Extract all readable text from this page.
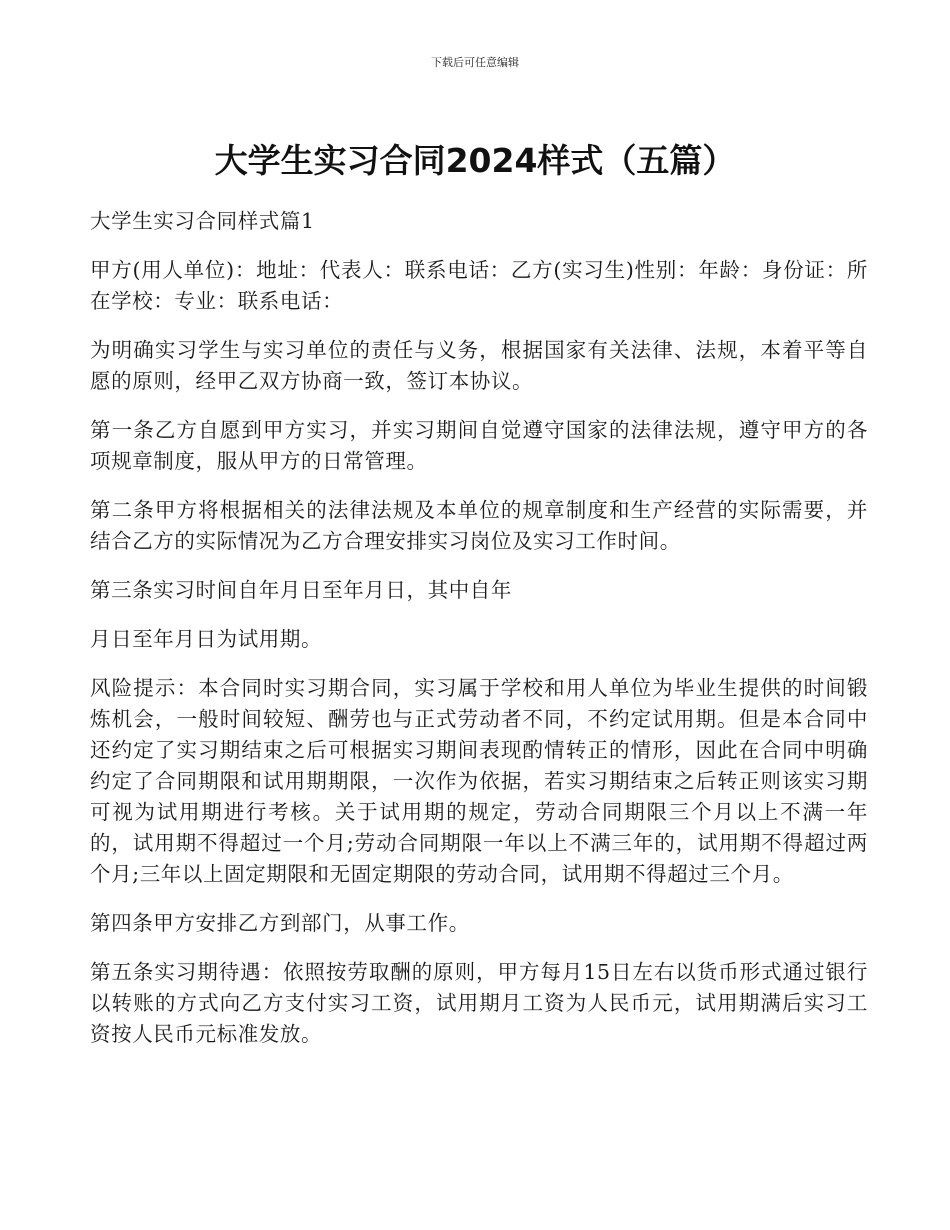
下载后可任意编辑
大学生实习合同2024样式（五篇）

大学生实习合同样式篇1

甲方(用人单位)：地址：代表人：联系电话：乙方(实习生)性别：年龄：身份证：所在学校：专业：联系电话：

为明确实习学生与实习单位的责任与义务，根据国家有关法律、法规，本着平等自愿的原则，经甲乙双方协商一致，签订本协议。

第一条乙方自愿到甲方实习，并实习期间自觉遵守国家的法律法规，遵守甲方的各项规章制度，服从甲方的日常管理。

第二条甲方将根据相关的法律法规及本单位的规章制度和生产经营的实际需要，并结合乙方的实际情况为乙方合理安排实习岗位及实习工作时间。

第三条实习时间自年月日至年月日，其中自年

月日至年月日为试用期。

风险提示：本合同时实习期合同，实习属于学校和用人单位为毕业生提供的时间锻炼机会，一般时间较短、酬劳也与正式劳动者不同，不约定试用期。但是本合同中还约定了实习期结束之后可根据实习期间表现酌情转正的情形，因此在合同中明确约定了合同期限和试用期期限，一次作为依据，若实习期结束之后转正则该实习期可视为试用期进行考核。关于试用期的规定，劳动合同期限三个月以上不满一年的，试用期不得超过一个月;劳动合同期限一年以上不满三年的，试用期不得超过两个月;三年以上固定期限和无固定期限的劳动合同，试用期不得超过三个月。

第四条甲方安排乙方到部门，从事工作。

第五条实习期待遇：依照按劳取酬的原则，甲方每月15日左右以货币形式通过银行以转账的方式向乙方支付实习工资，试用期月工资为人民币元，试用期满后实习工资按人民币元标准发放。
